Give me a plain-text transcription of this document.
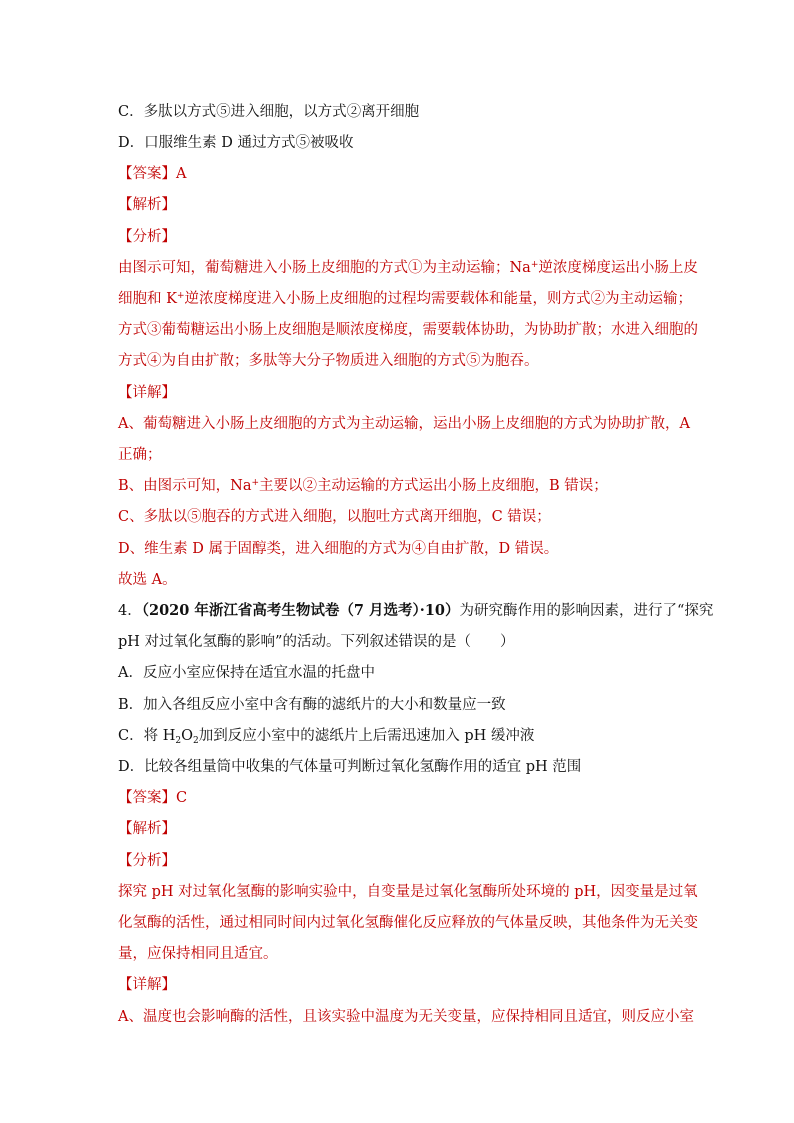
C．多肽以方式⑤进入细胞，以方式②离开细胞
D．口服维生素 D 通过方式⑤被吸收
【答案】A
【解析】
【分析】
由图示可知，葡萄糖进入小肠上皮细胞的方式①为主动运输；Na+逆浓度梯度运出小肠上皮
细胞和 K+逆浓度梯度进入小肠上皮细胞的过程均需要载体和能量，则方式②为主动运输；
方式③葡萄糖运出小肠上皮细胞是顺浓度梯度，需要载体协助，为协助扩散；水进入细胞的
方式④为自由扩散；多肽等大分子物质进入细胞的方式⑤为胞吞。
【详解】
A、葡萄糖进入小肠上皮细胞的方式为主动运输，运出小肠上皮细胞的方式为协助扩散，A
正确；
B、由图示可知，Na+主要以②主动运输的方式运出小肠上皮细胞，B 错误；
C、多肽以⑤胞吞的方式进入细胞，以胞吐方式离开细胞，C 错误；
D、维生素 D 属于固醇类，进入细胞的方式为④自由扩散，D 错误。
故选 A。
4．（2020 年浙江省高考生物试卷（7 月选考）·10）为研究酶作用的影响因素，进行了“探究
pH 对过氧化氢酶的影响”的活动。下列叙述错误的是（　　）
A．反应小室应保持在适宜水温的托盘中
B．加入各组反应小室中含有酶的滤纸片的大小和数量应一致
C．将 $H_2O_2$加到反应小室中的滤纸片上后需迅速加入 pH 缓冲液
D．比较各组量筒中收集的气体量可判断过氧化氢酶作用的适宜 pH 范围
【答案】C
【解析】
【分析】
探究 pH 对过氧化氢酶的影响实验中，自变量是过氧化氢酶所处环境的 pH，因变量是过氧
化氢酶的活性，通过相同时间内过氧化氢酶催化反应释放的气体量反映，其他条件为无关变
量，应保持相同且适宜。
【详解】
A、温度也会影响酶的活性，且该实验中温度为无关变量，应保持相同且适宜，则反应小室
